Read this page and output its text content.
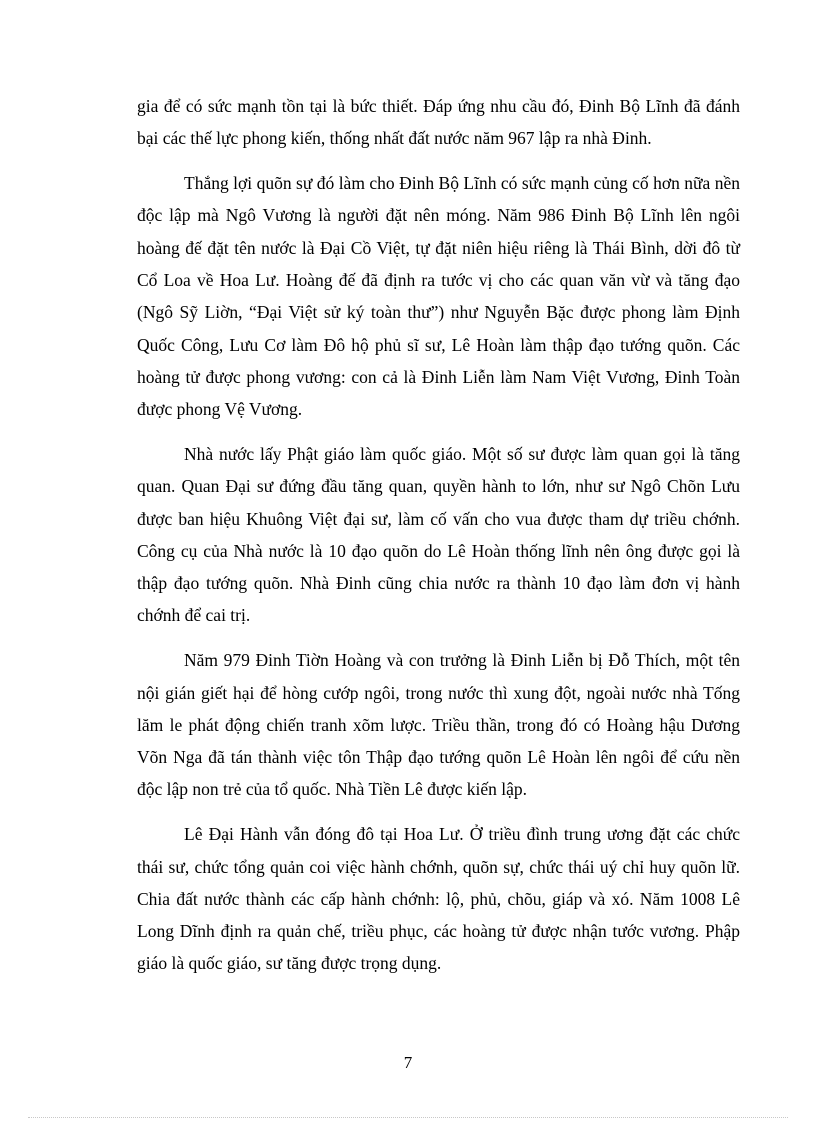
gia để có sức mạnh tồn tại là bức thiết. Đáp ứng nhu cầu đó, Đinh Bộ Lĩnh đã đánh bại các thế lực phong kiến, thống nhất đất nước năm 967 lập ra nhà Đinh.

Thắng lợi quõn sự đó làm cho Đinh Bộ Lĩnh có sức mạnh củng cố hơn nữa nền độc lập mà Ngô Vương là người đặt nên móng. Năm 986 Đinh Bộ Lĩnh lên ngôi hoàng đế đặt tên nước là Đại Cồ Việt, tự đặt niên hiệu riêng là Thái Bình, dời đô từ Cổ Loa về Hoa Lư. Hoàng đế đã định ra tước vị cho các quan văn vừ và tăng đạo (Ngô Sỹ Liờn, “Đại Việt sử ký toàn thư”) như Nguyễn Bặc được phong làm Định Quốc Công, Lưu Cơ làm Đô hộ phủ sĩ sư, Lê Hoàn làm thập đạo tướng quõn. Các hoàng tử được phong vương: con cả là Đinh Liễn làm Nam Việt Vương, Đinh Toàn được phong Vệ Vương.

Nhà nước lấy Phật giáo làm quốc giáo. Một số sư được làm quan gọi là tăng quan. Quan Đại sư đứng đầu tăng quan, quyền hành to lớn, như sư Ngô Chõn Lưu được ban hiệu Khuông Việt đại sư, làm cố vấn cho vua được tham dự triều chớnh. Công cụ của Nhà nước là 10 đạo quõn do Lê Hoàn thống lĩnh nên ông được gọi là thập đạo tướng quõn. Nhà Đinh cũng chia nước ra thành 10 đạo làm đơn vị hành chớnh để cai trị.

Năm 979 Đinh Tiờn Hoàng và con trưởng là Đinh Liễn bị Đỗ Thích, một tên nội gián giết hại để hòng cướp ngôi, trong nước thì xung đột, ngoài nước nhà Tống lăm le phát động chiến tranh xõm lược. Triều thần, trong đó có Hoàng hậu Dương Võn Nga đã tán thành việc tôn Thập đạo tướng quõn Lê Hoàn lên ngôi để cứu nền độc lập non trẻ của tổ quốc. Nhà Tiền Lê được kiến lập.

Lê Đại Hành vẫn đóng đô tại Hoa Lư. Ở triều đình trung ương đặt các chức thái sư, chức tổng quản coi việc hành chớnh, quõn sự, chức thái uý chỉ huy quõn lữ. Chia đất nước thành các cấp hành chớnh: lộ, phủ, chõu, giáp và xó. Năm 1008 Lê Long Dĩnh định ra quản chế, triều phục, các hoàng tử được nhận tước vương. Phập giáo là quốc giáo, sư tăng được trọng dụng.

7
